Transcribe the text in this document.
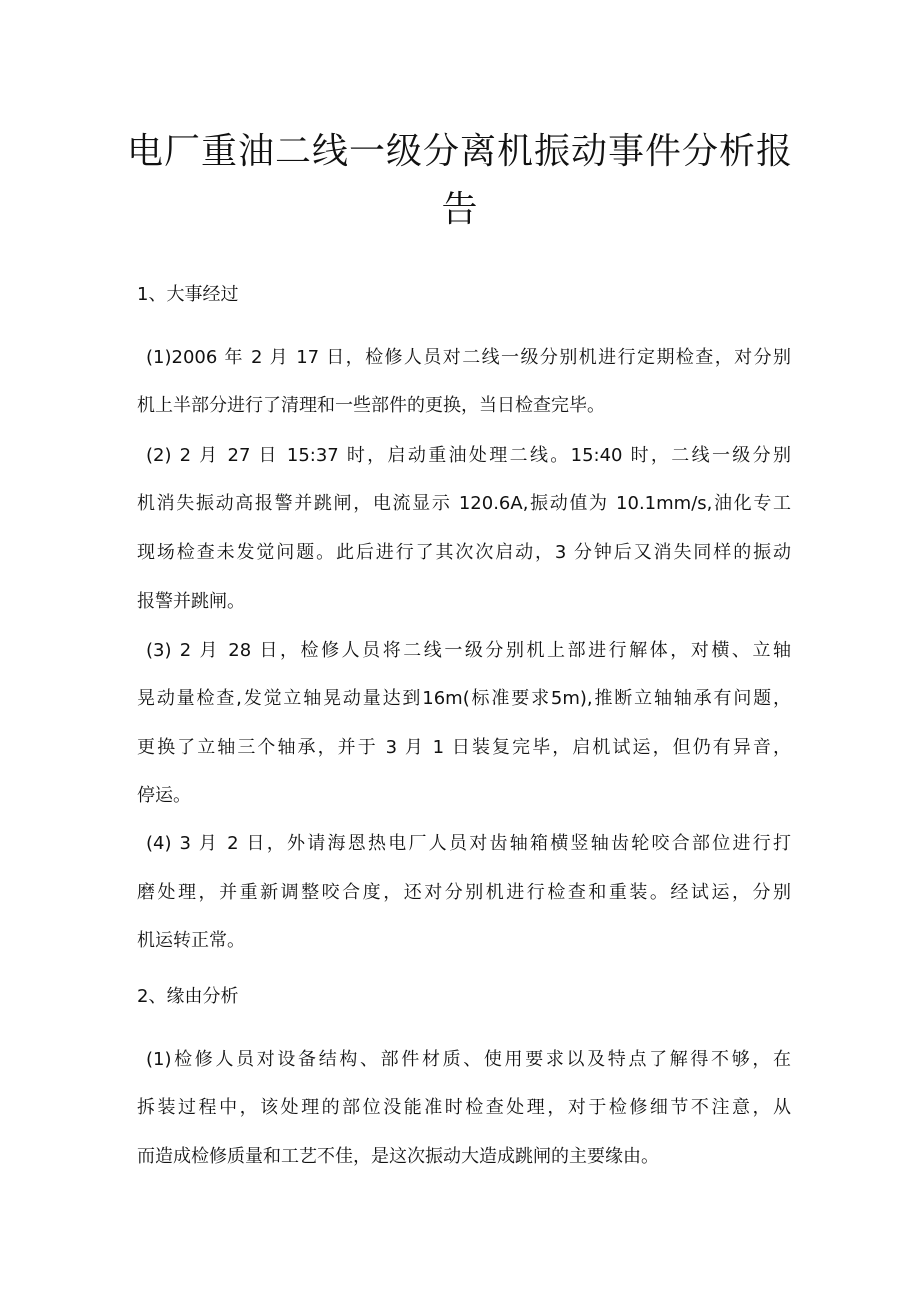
电厂重油二线一级分离机振动事件分析报
告
1、大事经过
(1)2006 年 2 月 17 日，检修人员对二线一级分别机进行定期检查，对分别
机上半部分进行了清理和一些部件的更换，当日检查完毕。
(2) 2 月 27 日 15:37 时，启动重油处理二线。15:40 时，二线一级分别
机消失振动高报警并跳闸，电流显示 120.6A,振动值为 10.1mm/s,油化专工
现场检查未发觉问题。此后进行了其次次启动，3 分钟后又消失同样的振动
报警并跳闸。
(3) 2 月 28 日，检修人员将二线一级分别机上部进行解体，对横、立轴
晃动量检查,发觉立轴晃动量达到16m(标准要求5m),推断立轴轴承有问题，
更换了立轴三个轴承，并于 3 月 1 日装复完毕，启机试运，但仍有异音，
停运。
(4) 3 月 2 日，外请海恩热电厂人员对齿轴箱横竖轴齿轮咬合部位进行打
磨处理，并重新调整咬合度，还对分别机进行检查和重装。经试运，分别
机运转正常。
2、缘由分析
(1)检修人员对设备结构、部件材质、使用要求以及特点了解得不够，在
拆装过程中，该处理的部位没能准时检查处理，对于检修细节不注意，从
而造成检修质量和工艺不佳，是这次振动大造成跳闸的主要缘由。
